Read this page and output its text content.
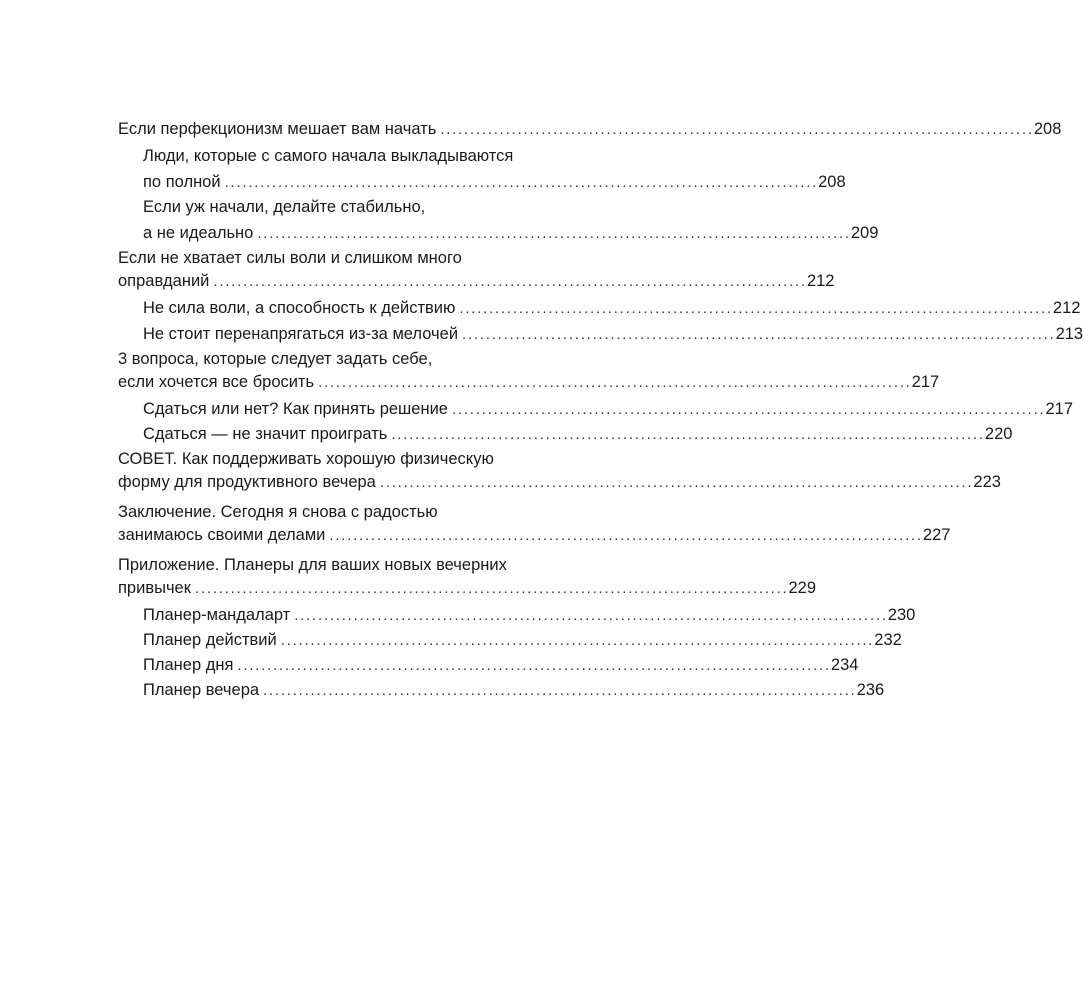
Если перфекционизм мешает вам начать . . .	208
Люди, которые с самого начала выкладываются
по полной . . .	208
Если уж начали, делайте стабильно,
а не идеально . . .	209
Если не хватает силы воли и слишком много
оправданий . . .	212
Не сила воли, а способность к действию . . .	212
Не стоит перенапрягаться из-за мелочей . . .	213
3 вопроса, которые следует задать себе,
если хочется все бросить . . .	217
Сдаться или нет? Как принять решение . . .	217
Сдаться — не значит проиграть . . .	220
СОВЕТ. Как поддерживать хорошую физическую
форму для продуктивного вечера . . .	223
Заключение. Сегодня я снова с радостью
занимаюсь своими делами . . .	227
Приложение. Планеры для ваших новых вечерних
привычек . . .	229
Планер-мандаларт . . .	230
Планер действий . . .	232
Планер дня . . .	234
Планер вечера . . .	236
